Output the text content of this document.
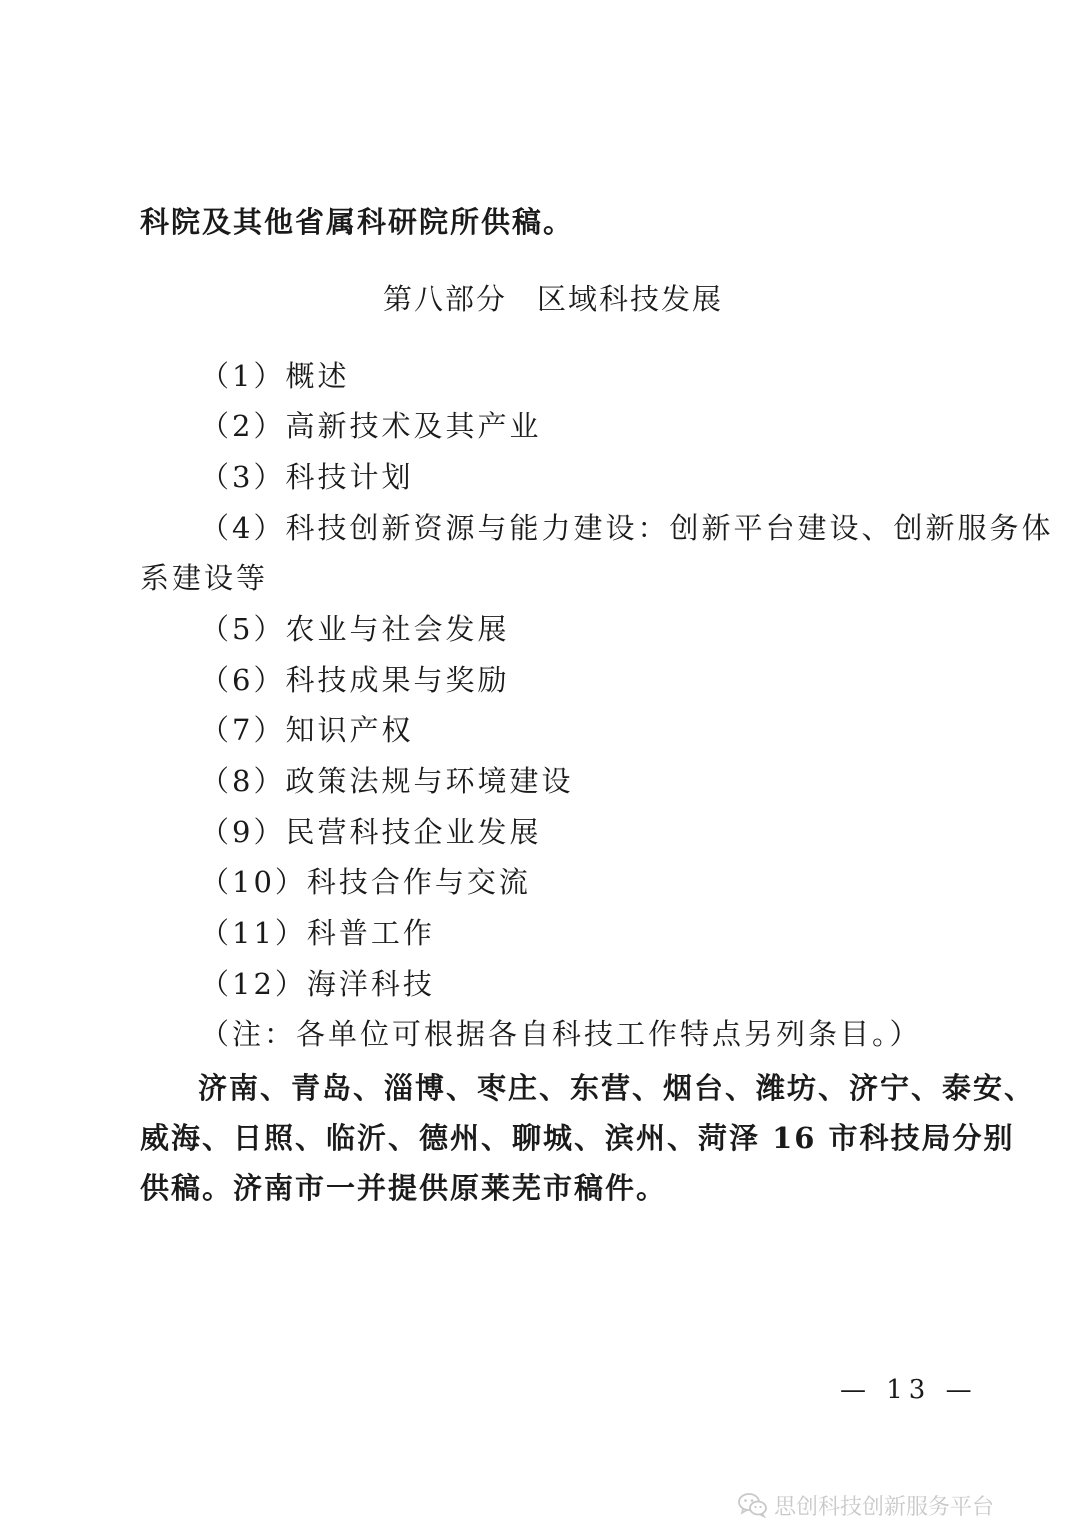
科院及其他省属科研院所供稿。
第八部分 区域科技发展
（1）概述
（2）高新技术及其产业
（3）科技计划
（4）科技创新资源与能力建设：创新平台建设、创新服务体
系建设等
（5）农业与社会发展
（6）科技成果与奖励
（7）知识产权
（8）政策法规与环境建设
（9）民营科技企业发展
（10）科技合作与交流
（11）科普工作
（12）海洋科技
（注：各单位可根据各自科技工作特点另列条目。）
济南、青岛、淄博、枣庄、东营、烟台、潍坊、济宁、泰安、
威海、日照、临沂、德州、聊城、滨州、菏泽 16 市科技局分别
供稿。济南市一并提供原莱芜市稿件。
— 13 —
思创科技创新服务平台
